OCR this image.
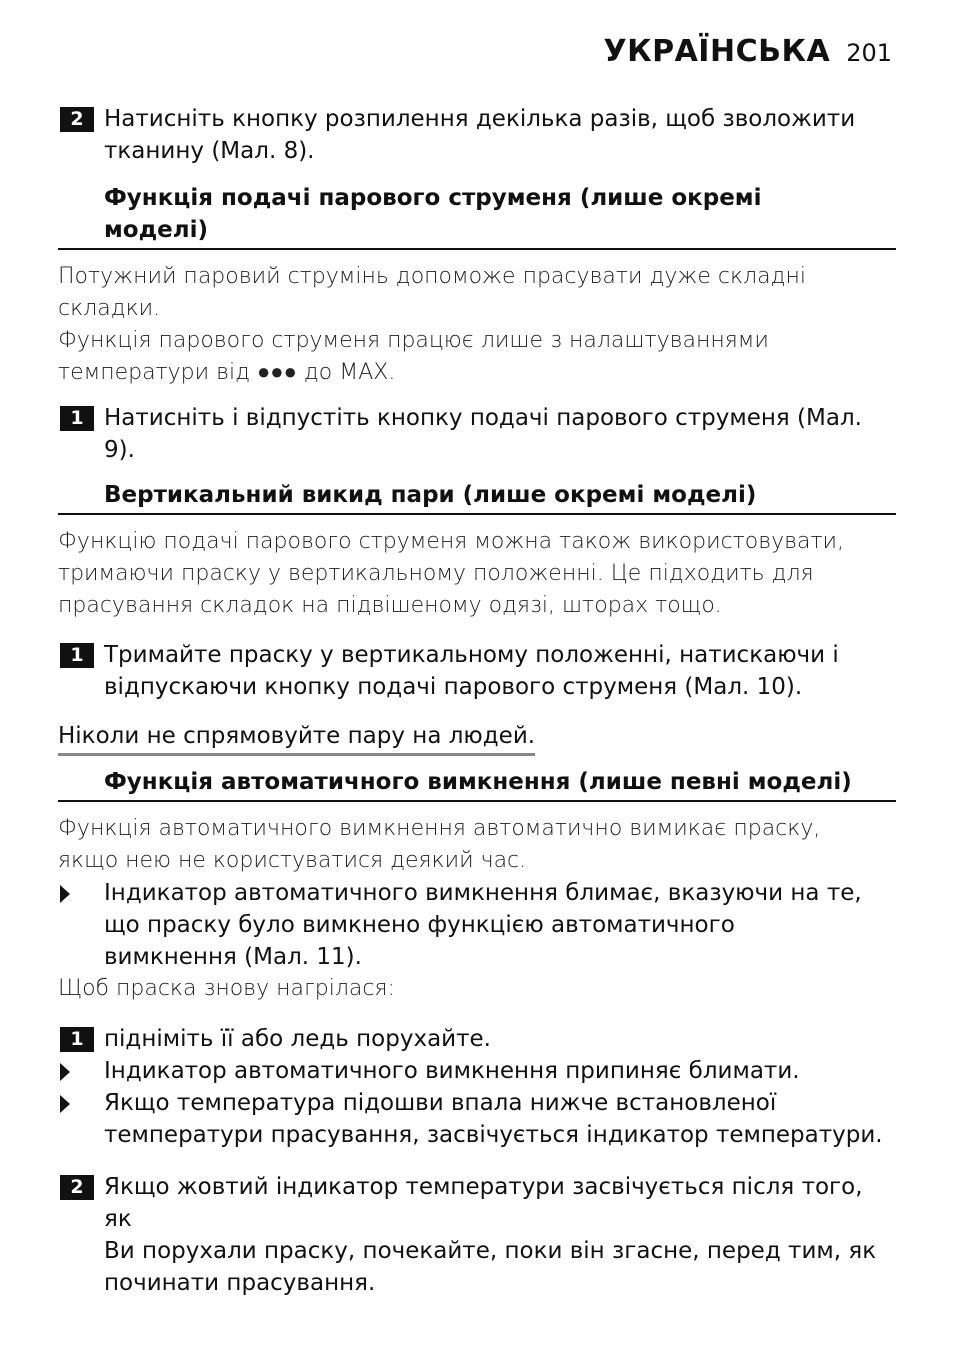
УКРАЇНСЬКА 201
2 Натисніть кнопку розпилення декілька разів, щоб зволожити
тканину (Мал. 8).
Функція подачі парового струменя (лише окремі
моделі)
Потужний паровий струмінь допоможе прасувати дуже складні
складки.
Функція парового струменя працює лише з налаштуваннями
температури від ●●● до MAX.
1 Натисніть і відпустіть кнопку подачі парового струменя (Мал. 9).
Вертикальний викид пари (лише окремі моделі)
Функцію подачі парового струменя можна також використовувати,
тримаючи праску у вертикальному положенні. Це підходить для
прасування складок на підвішеному одязі, шторах тощо.
1 Тримайте праску у вертикальному положенні, натискаючи і
відпускаючи кнопку подачі парового струменя (Мал. 10).
Ніколи не спрямовуйте пару на людей.
Функція автоматичного вимкнення (лише певні моделі)
Функція автоматичного вимкнення автоматично вимикає праску,
якщо нею не користуватися деякий час.
Індикатор автоматичного вимкнення блимає, вказуючи на те,
що праску було вимкнено функцією автоматичного
вимкнення (Мал. 11).
Щоб праска знову нагрілася:
1 підніміть її або ледь поруxайте.
Індикатор автоматичного вимкнення припиняє блимати.
Якщо температура підошви впала нижче встановленої
температури прасування, засвічується індикатор температури.
2 Якщо жовтий індикатор температури засвічується після того, як
Ви поруxали праску, почекайте, поки він згасне, перед тим, як
починати прасування.
